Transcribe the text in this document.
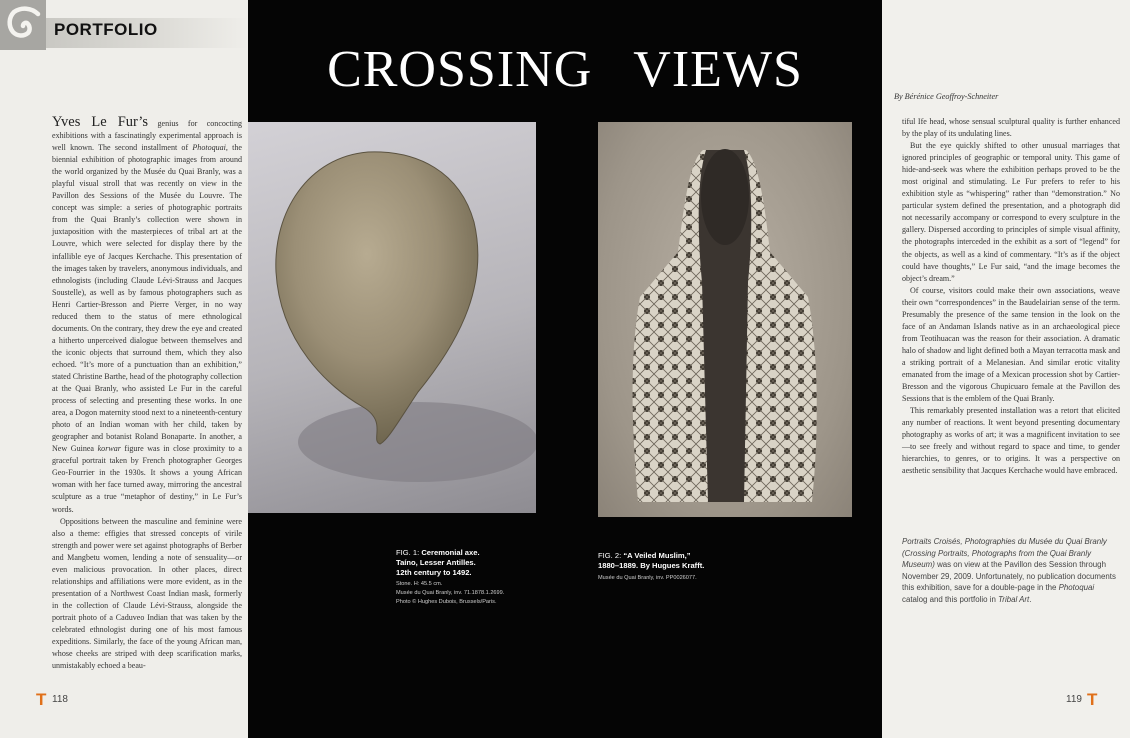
PORTFOLIO

Yves Le Fur’s genius for concocting exhibitions with a fascinatingly experimental approach is well known. The second installment of Photoquai, the biennial exhibition of photographic images from around the world organized by the Musée du Quai Branly, was a playful visual stroll that was recently on view in the Pavillon des Sessions of the Musée du Louvre. The concept was simple: a series of photographic portraits from the Quai Branly’s collection were shown in juxtaposition with the masterpieces of tribal art at the Louvre, which were selected for display there by the infallible eye of Jacques Kerchache. This presentation of the images taken by travelers, anonymous individuals, and ethnologists (including Claude Lévi-Strauss and Jacques Soustelle), as well as by famous photographers such as Henri Cartier-Bresson and Pierre Verger, in no way reduced them to the status of mere ethnological documents. On the contrary, they drew the eye and created a hitherto unperceived dialogue between themselves and the iconic objects that surround them, which they also echoed. “It’s more of a punctuation than an exhibition,” stated Christine Barthe, head of the photography collection at the Quai Branly, who assisted Le Fur in the careful process of selecting and presenting these works. In one area, a Dogon maternity stood next to a nineteenth-century photo of an Indian woman with her child, taken by geographer and botanist Roland Bonaparte. In another, a New Guinea korwar figure was in close proximity to a graceful portrait taken by French photographer Georges Geo-Fourrier in the 1930s. It shows a young African woman with her face turned away, mirroring the ancestral sculpture as a true “metaphor of destiny,” in Le Fur’s words.

Oppositions between the masculine and feminine were also a theme: effigies that stressed concepts of virile strength and power were set against photographs of Berber and Mangbetu women, lending a note of sensuality—or even malicious provocation. In other places, direct relationships and affiliations were more evident, as in the presentation of a Northwest Coast Indian mask, formerly in the collection of Claude Lévi-Strauss, alongside the portrait photo of a Caduveo Indian that was taken by the celebrated ethnologist during one of his most famous expeditions. Similarly, the face of the young African man, whose cheeks are striped with deep scarification marks, unmistakably echoed a beau-

T 118
CROSSING   VIEWS

FIG. 1: Ceremonial axe.

Taíno, Lesser Antilles.

12th century to 1492.

Stone. H: 45.5 cm.

Musée du Quai Branly, inv. 71.1878.1.2699.

Photo © Hughes Dubois, Brussels/Paris.

FIG. 2: “A Veiled Muslim,”

1880–1889. By Hugues Krafft.

Musée du Quai Branly, inv. PP0026077.

By Bérénice Geoffroy-Schneiter

tiful Ife head, whose sensual sculptural quality is further enhanced by the play of its undulating lines.

But the eye quickly shifted to other unusual marriages that ignored principles of geographic or temporal unity. This game of hide-and-seek was where the exhibition perhaps proved to be the most original and stimulating. Le Fur prefers to refer to his exhibition style as “whispering” rather than “demonstration.” No particular system defined the presentation, and a photograph did not necessarily accompany or correspond to every sculpture in the gallery. Dispersed according to principles of simple visual affinity, the photographs interceded in the exhibit as a sort of “legend” for the objects, as well as a kind of commentary. “It’s as if the object could have thoughts,” Le Fur said, “and the image becomes the object’s dream.”

Of course, visitors could make their own associations, weave their own “correspondences” in the Baudelairian sense of the term. Presumably the presence of the same tension in the look on the face of an Andaman Islands native as in an archaeological piece from Teotihuacan was the reason for their association. A dramatic halo of shadow and light defined both a Mayan terracotta mask and a striking portrait of a Melanesian. And similar erotic vitality emanated from the image of a Mexican procession shot by Cartier-Bresson and the vigorous Chupicuaro female at the Pavillon des Sessions that is the emblem of the Quai Branly.

This remarkably presented installation was a retort that elicited any number of reactions. It went beyond presenting documentary photography as works of art; it was a magnificent invitation to see—to see freely and without regard to space and time, to gender hierarchies, to genres, or to origins. It was a perspective on aesthetic sensibility that Jacques Kerchache would have embraced.

Portraits Croisés, Photographies du Musée du Quai Branly (Crossing Portraits, Photographs from the Quai Branly Museum) was on view at the Pavillon des Session through November 29, 2009. Unfortunately, no publication documents this exhibition, save for a double-page in the Photoquai catalog and this portfolio in Tribal Art.

119 T
